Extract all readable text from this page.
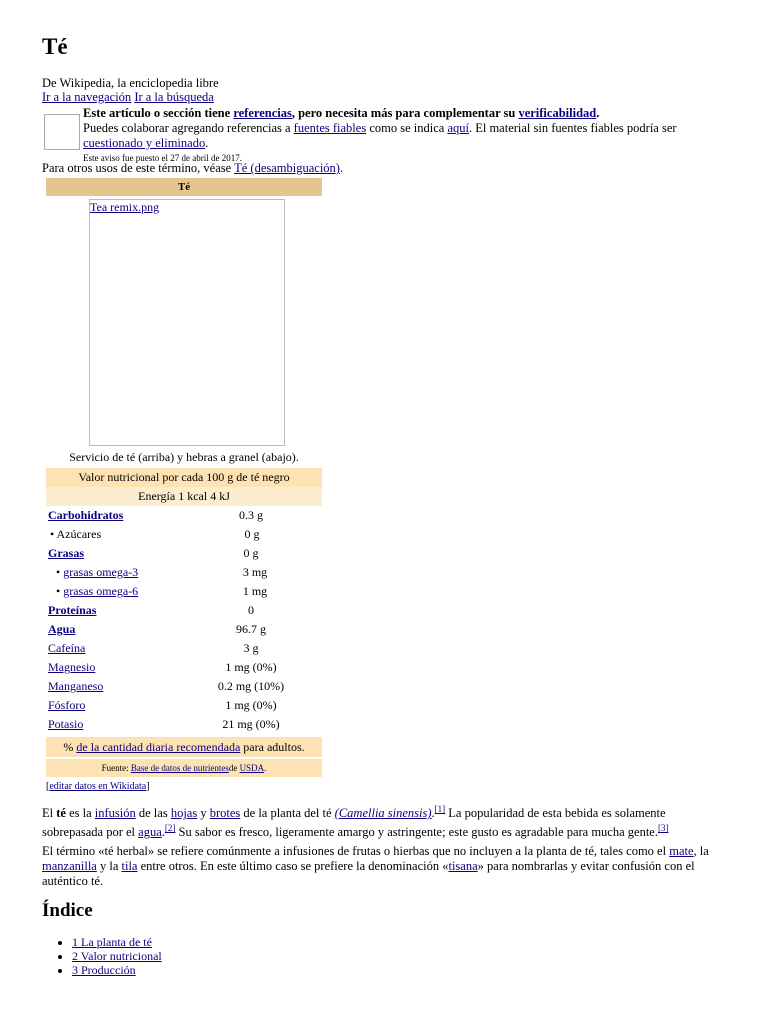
Té
De Wikipedia, la enciclopedia libre
Ir a la navegación Ir a la búsqueda
Este artículo o sección tiene referencias, pero necesita más para complementar su verificabilidad.
Puedes colaborar agregando referencias a fuentes fiables como se indica aquí. El material sin fuentes fiables podría ser
cuestionado y eliminado.
Este aviso fue puesto el 27 de abril de 2017.
Para otros usos de este término, véase Té (desambiguación).
Té
Tea remix.png
Servicio de té (arriba) y hebras a granel (abajo).
Valor nutricional por cada 100 g de té negro
Energía 1 kcal 4 kJ
Carbohidratos	0.3 g
• Azúcares	0 g
Grasas	0 g
• grasas omega-3	3 mg
• grasas omega-6	1 mg
Proteínas	0
Agua	96.7 g
Cafeína	3 g
Magnesio	1 mg (0%)
Manganeso	0.2 mg (10%)
Fósforo	1 mg (0%)
Potasio	21 mg (0%)
% de la cantidad diaria recomendada para adultos.
Fuente: Base de datos de nutrientesde USDA.
[editar datos en Wikidata]
El té es la infusión de las hojas y brotes de la planta del té (Camellia sinensis).[1] La popularidad de esta bebida es solamente sobrepasada por el agua.[2] Su sabor es fresco, ligeramente amargo y astringente; este gusto es agradable para mucha gente.[3]
El término «té herbal» se refiere comúnmente a infusiones de frutas o hierbas que no incluyen a la planta de té, tales como el mate, la manzanilla y la tila entre otros. En este último caso se prefiere la denominación «tisana» para nombrarlas y evitar confusión con el auténtico té.
Índice
• 1 La planta de té
• 2 Valor nutricional
• 3 Producción
